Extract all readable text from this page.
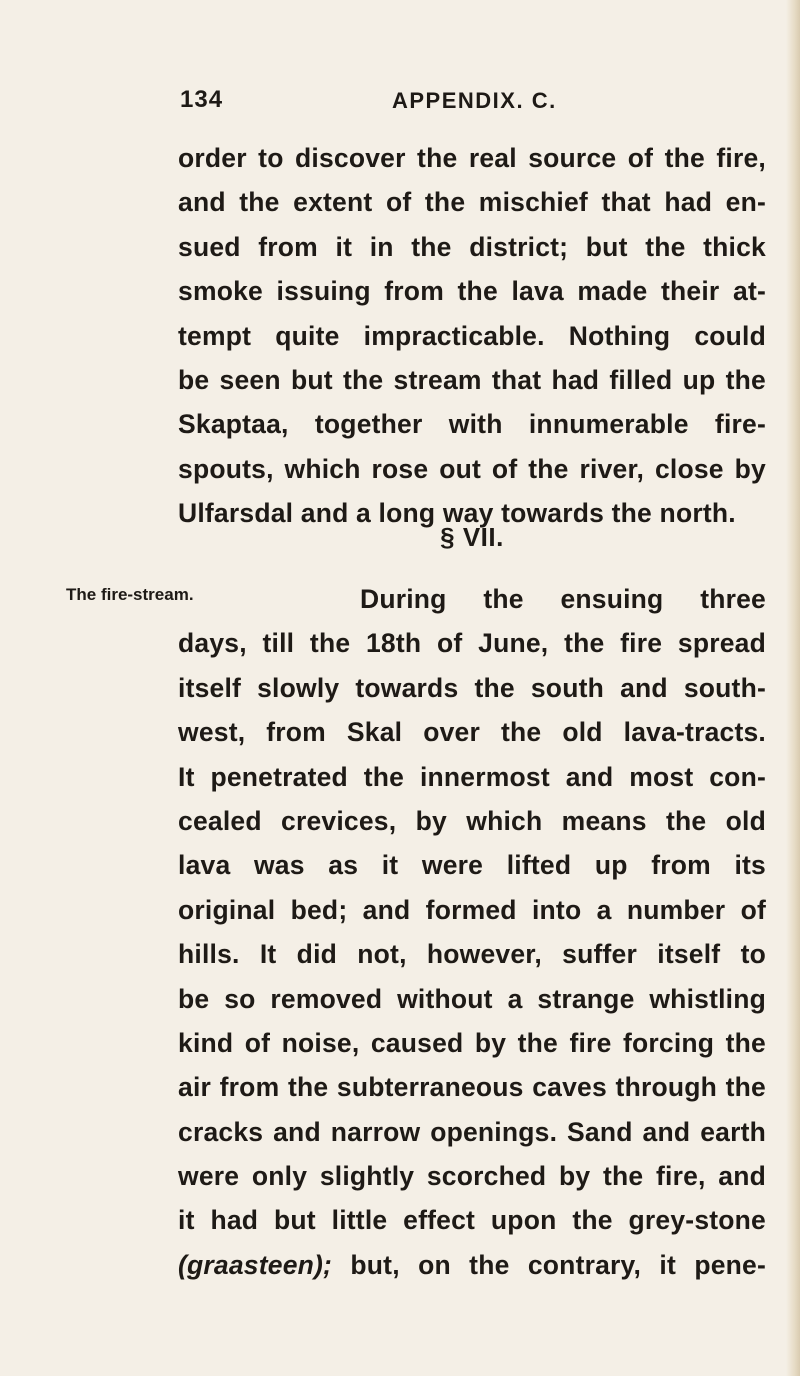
134	APPENDIX. C.
order to discover the real source of the fire,
and the extent of the mischief that had en-
sued from it in the district; but the thick
smoke issuing from the lava made their at-
tempt quite impracticable. Nothing could
be seen but the stream that had filled up the
Skaptaa, together with innumerable fire-
spouts, which rose out of the river, close by
Ulfarsdal and a long way towards the north.
§ VII.
The fire-stream.	During the ensuing three
days, till the 18th of June, the fire spread
itself slowly towards the south and south-
west, from Skal over the old lava-tracts.
It penetrated the innermost and most con-
cealed crevices, by which means the old
lava was as it were lifted up from its
original bed; and formed into a number of
hills. It did not, however, suffer itself to
be so removed without a strange whistling
kind of noise, caused by the fire forcing the
air from the subterraneous caves through the
cracks and narrow openings. Sand and earth
were only slightly scorched by the fire, and
it had but little effect upon the grey-stone
(graasteen); but, on the contrary, it pene-
